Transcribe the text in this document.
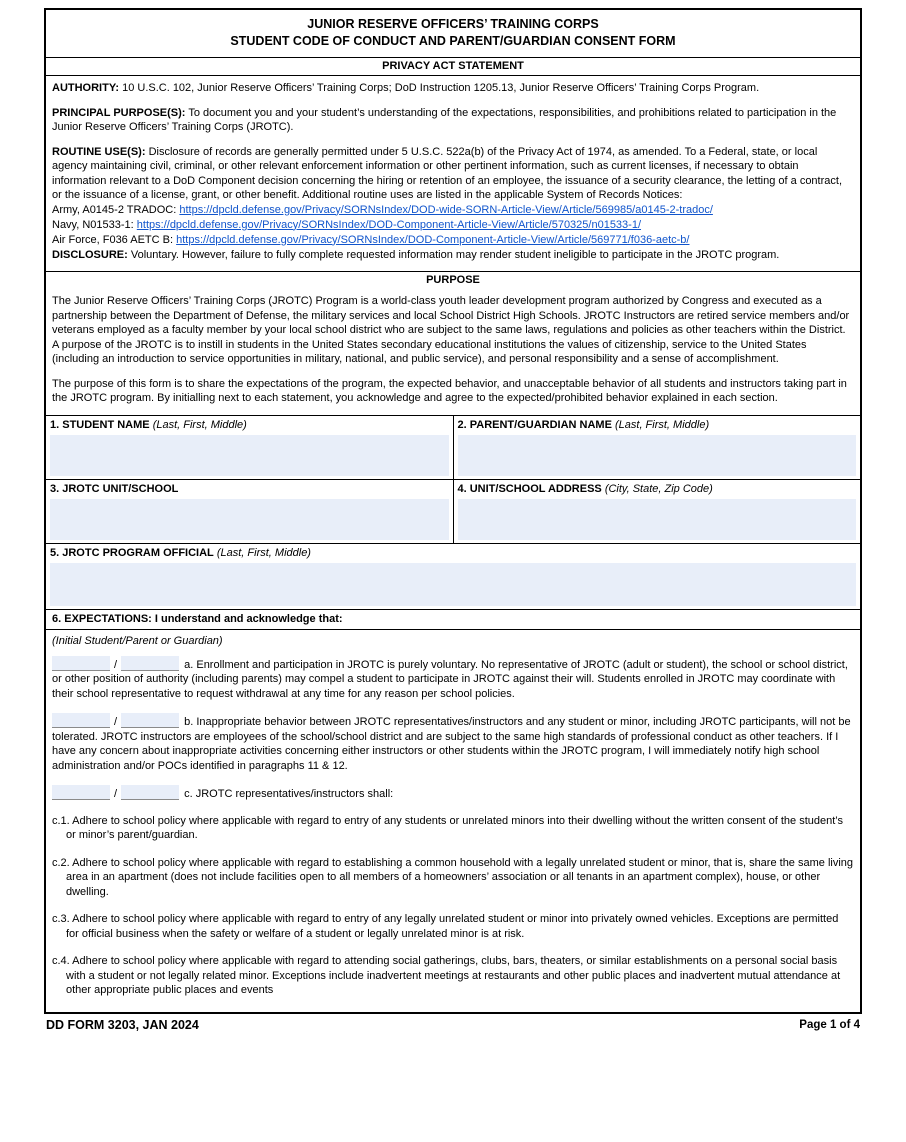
JUNIOR RESERVE OFFICERS’ TRAINING CORPS
STUDENT CODE OF CONDUCT AND PARENT/GUARDIAN CONSENT FORM
PRIVACY ACT STATEMENT

AUTHORITY: 10 U.S.C. 102, Junior Reserve Officers’ Training Corps; DoD Instruction 1205.13, Junior Reserve Officers’ Training Corps Program.

PRINCIPAL PURPOSE(S): To document you and your student’s understanding of the expectations, responsibilities, and prohibitions related to participation in the Junior Reserve Officers’ Training Corps (JROTC).

ROUTINE USE(S): Disclosure of records are generally permitted under 5 U.S.C. 522a(b) of the Privacy Act of 1974, as amended. To a Federal, state, or local agency maintaining civil, criminal, or other relevant enforcement information or other pertinent information, such as current licenses, if necessary to obtain information relevant to a DoD Component decision concerning the hiring or retention of an employee, the issuance of a security clearance, the letting of a contract, or the issuance of a license, grant, or other benefit. Additional routine uses are listed in the applicable System of Records Notices:

Army, A0145-2 TRADOC: https://dpcld.defense.gov/Privacy/SORNsIndex/DOD-wide-SORN-Article-View/Article/569985/a0145-2-tradoc/
Navy, N01533-1: https://dpcld.defense.gov/Privacy/SORNsIndex/DOD-Component-Article-View/Article/570325/n01533-1/
Air Force, F036 AETC B: https://dpcld.defense.gov/Privacy/SORNsIndex/DOD-Component-Article-View/Article/569771/f036-aetc-b/

DISCLOSURE: Voluntary. However, failure to fully complete requested information may render student ineligible to participate in the JROTC program.

PURPOSE

The Junior Reserve Officers’ Training Corps (JROTC) Program is a world-class youth leader development program authorized by Congress and executed as a partnership between the Department of Defense, the military services and local School District High Schools. JROTC Instructors are retired service members and/or veterans employed as a faculty member by your local school district who are subject to the same laws, regulations and policies as other teachers within the District. A purpose of the JROTC is to instill in students in the United States secondary educational institutions the values of citizenship, service to the United States (including an introduction to service opportunities in military, national, and public service), and personal responsibility and a sense of accomplishment.

The purpose of this form is to share the expectations of the program, the expected behavior, and unacceptable behavior of all students and instructors taking part in the JROTC program. By initialling next to each statement, you acknowledge and agree to the expected/prohibited behavior explained in each section.

1. STUDENT NAME (Last, First, Middle)	2. PARENT/GUARDIAN NAME (Last, First, Middle)

3. JROTC UNIT/SCHOOL	4. UNIT/SCHOOL ADDRESS (City, State, Zip Code)

5. JROTC PROGRAM OFFICIAL (Last, First, Middle)	
6. EXPECTATIONS: I understand and acknowledge that:
(Initial Student/Parent or Guardian)

/	a. Enrollment and participation in JROTC is purely voluntary. No representative of JROTC (adult or student), the school or school district, or other position of authority (including parents) may compel a student to participate in JROTC against their will. Students enrolled in JROTC may coordinate with their school representative to request withdrawal at any time for any reason per school policies.

/	b. Inappropriate behavior between JROTC representatives/instructors and any student or minor, including JROTC participants, will not be tolerated. JROTC instructors are employees of the school/school district and are subject to the same high standards of professional conduct as other teachers. If I have any concern about inappropriate activities concerning either instructors or other students within the JROTC program, I will immediately notify high school administration and/or POCs identified in paragraphs 11 & 12.

/	c. JROTC representatives/instructors shall:

c.1. Adhere to school policy where applicable with regard to entry of any students or unrelated minors into their dwelling without the written consent of the student’s or minor’s parent/guardian.

c.2. Adhere to school policy where applicable with regard to establishing a common household with a legally unrelated student or minor, that is, share the same living area in an apartment (does not include facilities open to all members of a homeowners’ association or all tenants in an apartment complex), house, or other dwelling.

c.3. Adhere to school policy where applicable with regard to entry of any legally unrelated student or minor into privately owned vehicles. Exceptions are permitted for official business when the safety or welfare of a student or legally unrelated minor is at risk.

c.4. Adhere to school policy where applicable with regard to attending social gatherings, clubs, bars, theaters, or similar establishments on a personal social basis with a student or not legally related minor. Exceptions include inadvertent meetings at restaurants and other public places and inadvertent mutual attendance at other appropriate public places and events

DD FORM 3203, JAN 2024	Page 1 of 4
